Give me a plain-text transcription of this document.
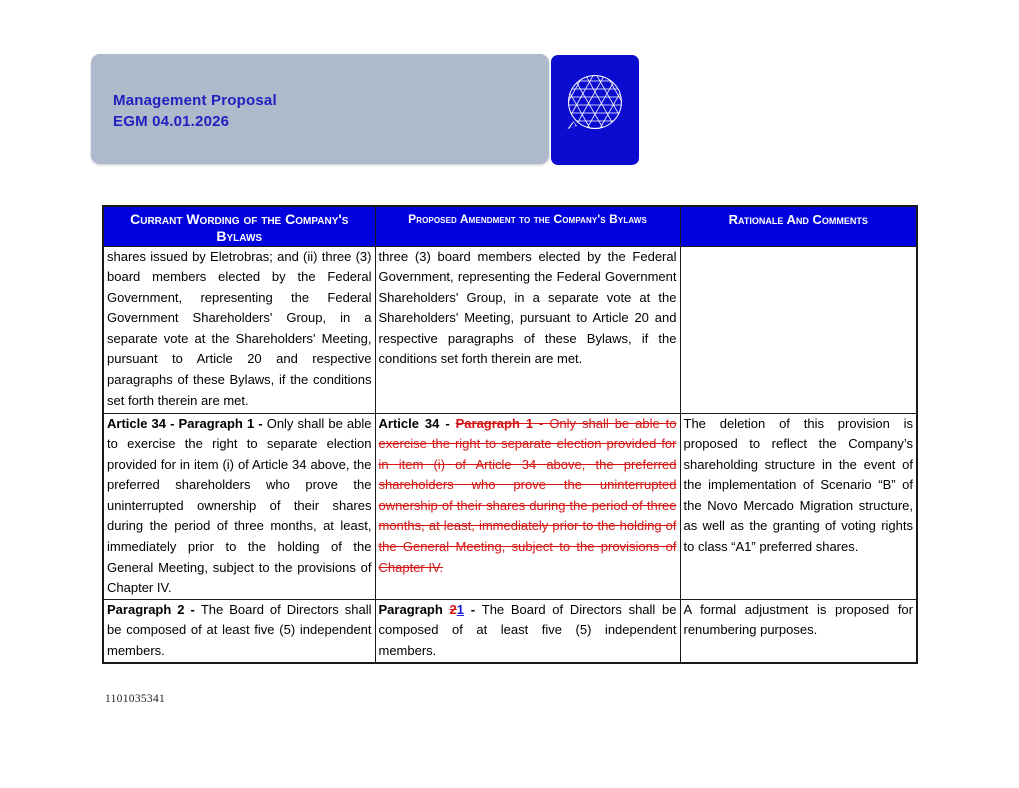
Management Proposal
EGM 04.01.2026
AXIA
ENERGIA
Currant Wording of the Company's Bylaws	Proposed Amendment to the Company's Bylaws	Rationale And Comments
shares issued by Eletrobras; and (ii) three (3) board members elected by the Federal Government, representing the Federal Government Shareholders' Group, in a separate vote at the Shareholders' Meeting, pursuant to Article 20 and respective paragraphs of these Bylaws, if the conditions set forth therein are met.	three (3) board members elected by the Federal Government, representing the Federal Government Shareholders' Group, in a separate vote at the Shareholders' Meeting, pursuant to Article 20 and respective paragraphs of these Bylaws, if the conditions set forth therein are met.	
Article 34 - Paragraph 1 - Only shall be able to exercise the right to separate election provided for in item (i) of Article 34 above, the preferred shareholders who prove the uninterrupted ownership of their shares during the period of three months, at least, immediately prior to the holding of the General Meeting, subject to the provisions of Chapter IV.	Article 34 - Paragraph 1 - Only shall be able to exercise the right to separate election provided for in item (i) of Article 34 above, the preferred shareholders who prove the uninterrupted ownership of their shares during the period of three months, at least, immediately prior to the holding of the General Meeting, subject to the provisions of Chapter IV.	The deletion of this provision is proposed to reflect the Company’s shareholding structure in the event of the implementation of Scenario “B” of the Novo Mercado Migration structure, as well as the granting of voting rights to class “A1” preferred shares.
Paragraph 2 - The Board of Directors shall be composed of at least five (5) independent members.	Paragraph 21 - The Board of Directors shall be composed of at least five (5) independent members.	A formal adjustment is proposed for renumbering purposes.
1101035341
